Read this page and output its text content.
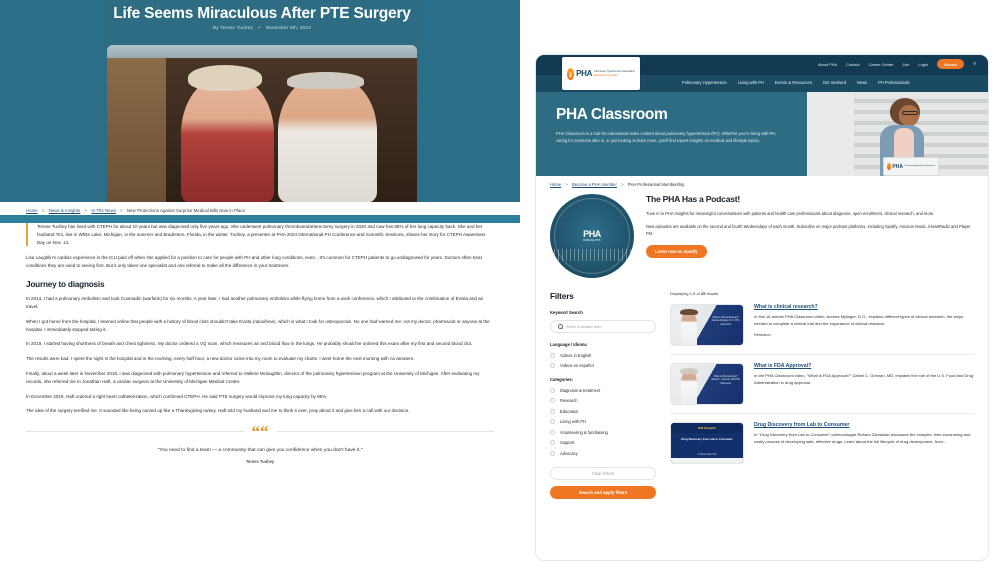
Life Seems Miraculous After PTE Surgery
By Terese Tuohey • November 6th, 2024
Home > News & Insights > In The News > New Protections Against Surprise Medical Bills Now in Place

Terese Tuohey has lived with CTEPH for about 10 years but was diagnosed only five years ago. She underwent pulmonary thromboendarterectomy surgery in 2020 and now has 85% of her lung capacity back. She and her husband Tim, live in White Lake, Michigan, in the summer and Bradenton, Florida, in the winter. Tuohey, a presenter at PHA 2024 International PH Conference and Scientific Sessions, shares her story for CTEPH Awareness Day on Nov. 13.

Lisa Laughlin's cardiac experience in the ICU paid off when she applied for a position to care for people with PH and other lung conditions, even…It's common for CTEPH patients to go undiagnosed for years. Doctors often treat conditions they are used to seeing first. But it only takes one specialist and one referral to make all the difference in your treatment.

Journey to diagnosis

In 2014, I had a pulmonary embolism and took Coumadin (warfarin) for six months. A year later, I had another pulmonary embolism while flying home from a work conference, which I attributed to the combination of Evista and air travel.

When I got home from the hospital, I learned online that people with a history of blood clots shouldn't take Evista (raloxifene), which is what I took for osteoporosis. No one had warned me: not my doctor, pharmacist or anyone at the hospital. I immediately stopped taking it.

In 2019, I started having shortness of breath and chest tightness. My doctor ordered a VQ scan, which measures air and blood flow in the lungs. He probably should've ordered this exam after my first and second blood clot.

The results were bad. I spent the night in the hospital and in the morning, every half hour, a new doctor came into my room to evaluate my charts. I went home the next morning with no answers.

Finally, about a week later in November 2019, I was diagnosed with pulmonary hypertension and referred to Vallerie Mclaughlin, director of the pulmonary hypertension program at the University of Michigan. After evaluating my records, she referred me to Jonathan Haft, a cardiac surgeon at the University of Michigan Medical Center.

In December 2019, Haft ordered a right heart catheterization, which confirmed CTEPH. He said PTE surgery would improve my lung capacity by 85%.

The idea of the surgery terrified me. It sounded like being carved up like a Thanksgiving turkey. Haft told my husband and me to think it over, pray about it and give him a call with our decision.

““
"You need to find a team — a community that can give you confidence when you don't have it."
Terese Tuohey
PHA Pulmonary Hypertension Association
Empowered by Hope
About PHA Contact Career Center Join Login	Donate	⚲
Pulmonary Hypertension	Living with PH	Events & Resources	Get Involved	News	PH Professionals
PHA Classroom
PHA Classroom is a hub for educational video content about pulmonary hypertension (PH). Whether you're living with PH, caring for someone who is, or just looking to learn more, you'll find expert insights on medical and lifestyle topics.
PHA Pulmonary Hypertension Association
Home > Become a PHA member > PHA Professional Membership
PHA
INSIGHTS
The PHA Has a Podcast!
Tune in to PHA Insights for meaningful conversations with patients and health care professionals about diagnosis, open enrollment, clinical research, and more.
New episodes are available on the second and fourth Wednesdays of each month. Subscribe on major podcast platforms, including Spotify, Amazon Music, iHeartRadio and Player FM.
Listen now on Spotify
Filters
Keyword Search
Enter a search term
Language / Idioma
Videos in English
Videos en español
Categories:
Diagnosis & treatment
Research
Education
Living with PH
Volunteering & fundraising
Support
Advocacy
Clear Filters
Search and apply filters
Displaying 1-8 of 25 results
What is Clinical Research Andrea Mylinger, D.O. PHA Classroom
What is clinical research?
In this 16-minute PHA Classroom video, Andrea Mylinger, D.O., explains different types of clinical research, the steps needed to complete a clinical trial and the importance of clinical research.
Research
What is FDA Approval? Daniel C. Grinnan, MD PHA Classroom
What is FDA Approval?
In the PHA Classroom video, "What is FDA Approval?" Daniel C. Grinnan, MD, explains the role of the U.S. Food and Drug Administration in drug approval.
PHA Connects:
Drug Discovery from Lab to Consumer
A Virtual Town Hall
Drug Discovery from Lab to Consumer
In "Drug Discovery from Lab to Consumer" pulmonologist Roham Zamanian discusses the complex, time-consuming and costly process of developing safe, effective drugs. Learn about the full lifecycle of drug development, from...
